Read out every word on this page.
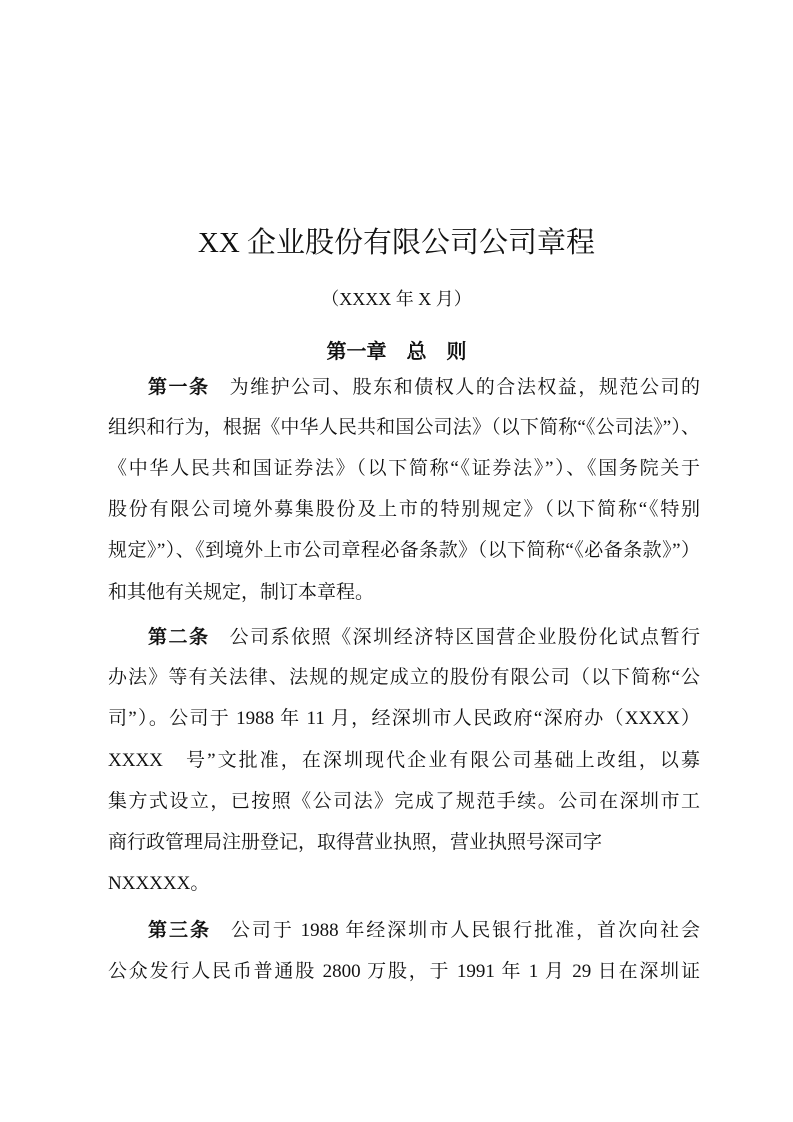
XX 企业股份有限公司公司章程
（XXXX 年 X 月）
第一章　总　则
第一条 为维护公司、股东和债权人的合法权益，规范公司的
组织和行为，根据《中华人民共和国公司法》（以下简称“《公司法》”）、
《中华人民共和国证券法》（以下简称“《证券法》”）、《国务院关于
股份有限公司境外募集股份及上市的特别规定》（以下简称“《特别
规定》”）、《到境外上市公司章程必备条款》（以下简称“《必备条款》”）
和其他有关规定，制订本章程。
第二条 公司系依照《深圳经济特区国营企业股份化试点暂行
办法》等有关法律、法规的规定成立的股份有限公司（以下简称“公
司”）。公司于 1988 年 11 月，经深圳市人民政府“深府办（XXXX）
XXXX　号”文批准，在深圳现代企业有限公司基础上改组，以募
集方式设立，已按照《公司法》完成了规范手续。公司在深圳市工
商行政管理局注册登记，取得营业执照，营业执照号深司字
NXXXXX。
第三条 公司于 1988 年经深圳市人民银行批准，首次向社会
公众发行人民币普通股 2800 万股，于 1991 年 1 月 29 日在深圳证
